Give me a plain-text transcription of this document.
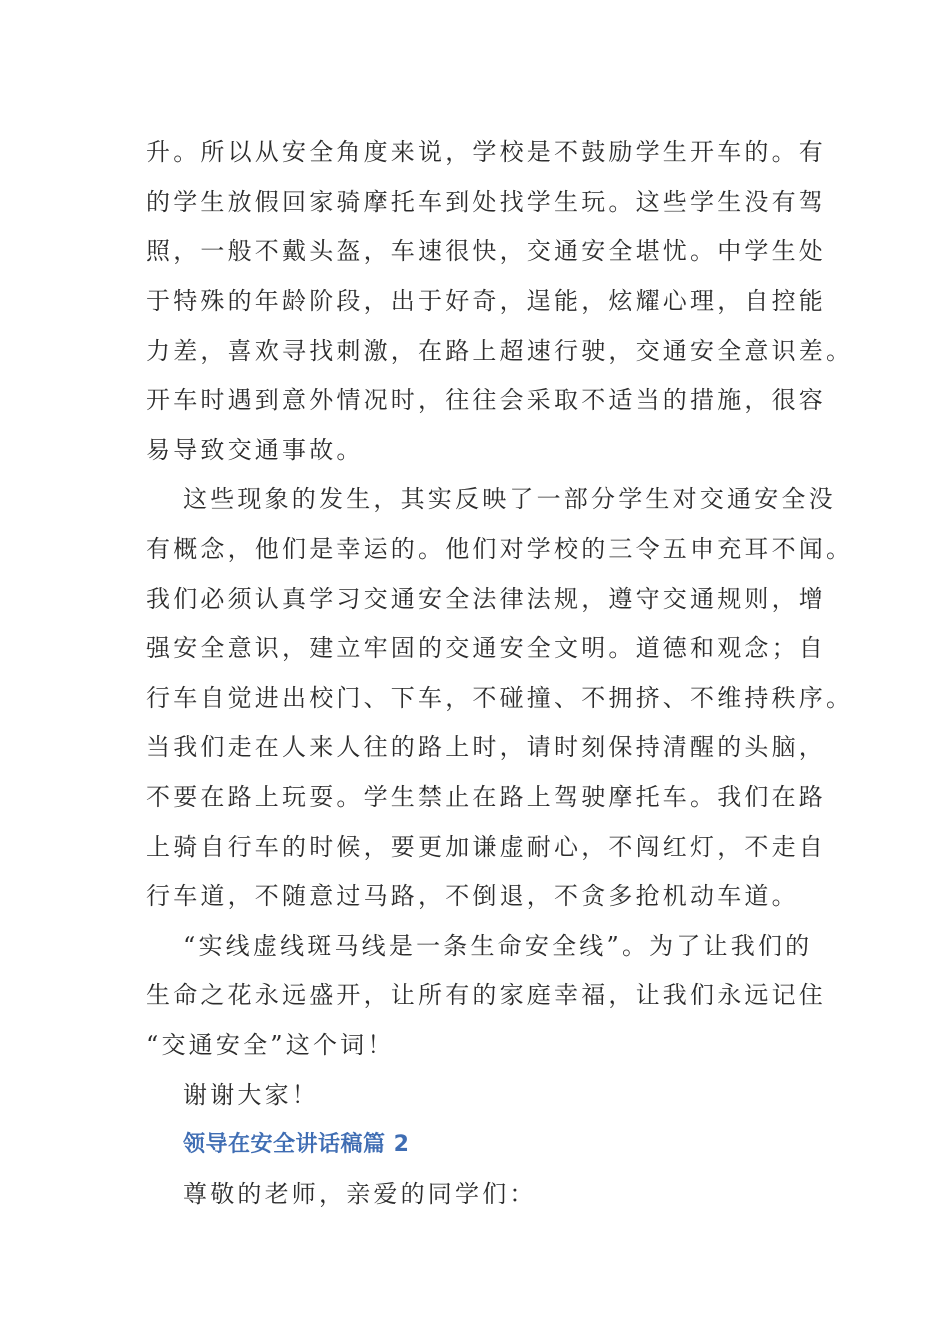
升。所以从安全角度来说，学校是不鼓励学生开车的。有
的学生放假回家骑摩托车到处找学生玩。这些学生没有驾
照，一般不戴头盔，车速很快，交通安全堪忧。中学生处
于特殊的年龄阶段，出于好奇，逞能，炫耀心理，自控能
力差，喜欢寻找刺激，在路上超速行驶，交通安全意识差。
开车时遇到意外情况时，往往会采取不适当的措施，很容
易导致交通事故。
这些现象的发生，其实反映了一部分学生对交通安全没
有概念，他们是幸运的。他们对学校的三令五申充耳不闻。
我们必须认真学习交通安全法律法规，遵守交通规则，增
强安全意识，建立牢固的交通安全文明。道德和观念；自
行车自觉进出校门、下车，不碰撞、不拥挤、不维持秩序。
当我们走在人来人往的路上时，请时刻保持清醒的头脑，
不要在路上玩耍。学生禁止在路上驾驶摩托车。我们在路
上骑自行车的时候，要更加谦虚耐心，不闯红灯，不走自
行车道，不随意过马路，不倒退，不贪多抢机动车道。
“实线虚线斑马线是一条生命安全线”。为了让我们的
生命之花永远盛开，让所有的家庭幸福，让我们永远记住
“交通安全”这个词！
谢谢大家！
领导在安全讲话稿篇 2
尊敬的老师，亲爱的同学们：
